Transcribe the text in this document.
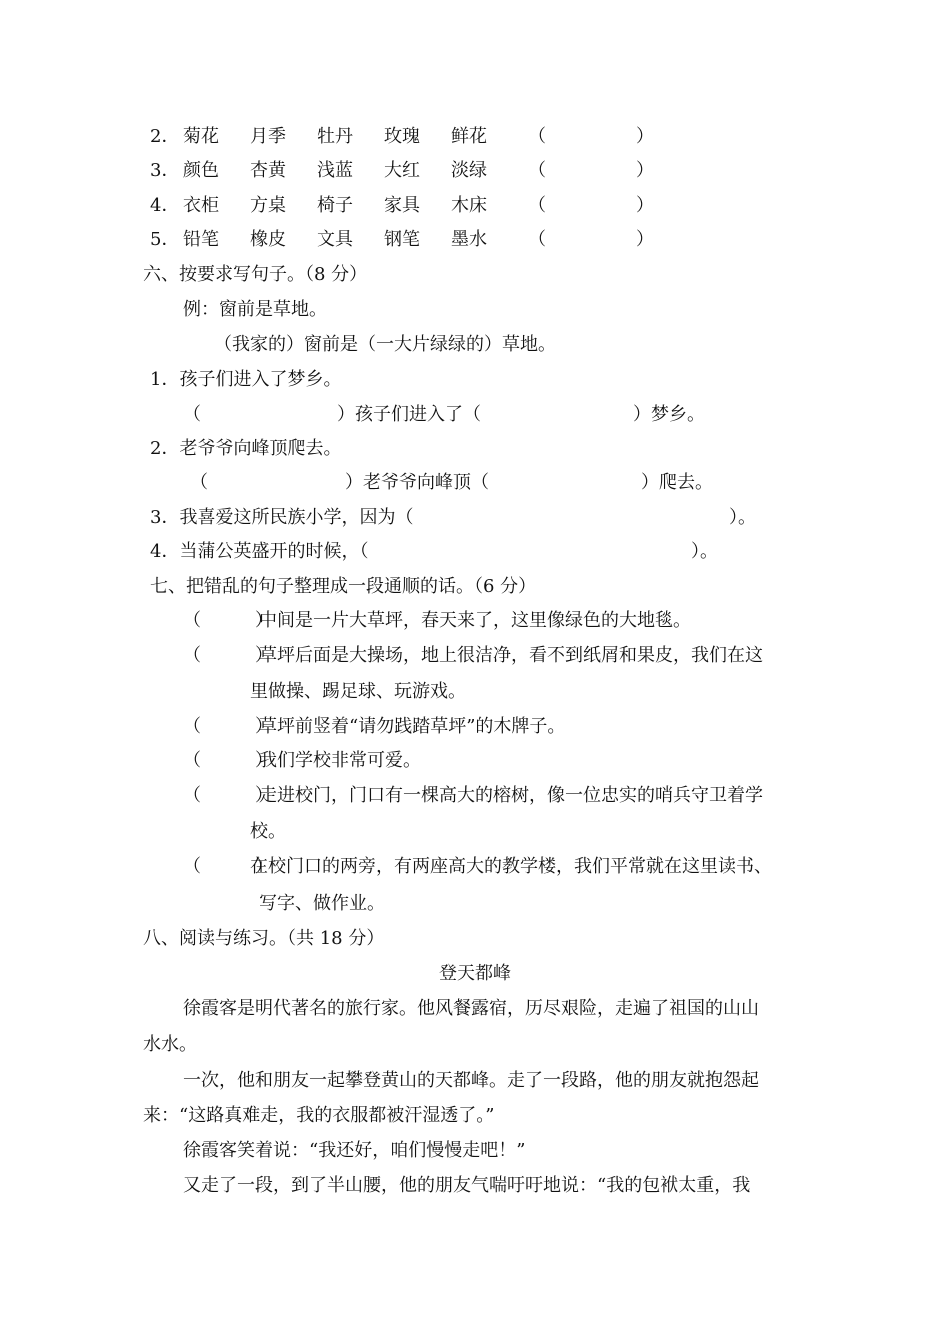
2． 菊花 月季 牡丹 玫瑰 鲜花 （　　　　　）
3． 颜色 杏黄 浅蓝 大红 淡绿 （　　　　　）
4． 衣柜 方桌 椅子 家具 木床 （　　　　　）
5． 铅笔 橡皮 文具 钢笔 墨水 （　　　　　）
六、按要求写句子。（8 分）
例：窗前是草地。
（我家的）窗前是（一大片绿绿的）草地。
1．孩子们进入了梦乡。
（	）孩子们进入了（	）梦乡。
2．老爷爷向峰顶爬去。
（	）老爷爷向峰顶（	）爬去。
3．我喜爱这所民族小学，因为（	）。
4．当蒲公英盛开的时候，（	）。
七、把错乱的句子整理成一段通顺的话。（6 分）
（　　　）
中间是一片大草坪，春天来了，这里像绿色的大地毯。
（　　　）
草坪后面是大操场，地上很洁净，看不到纸屑和果皮，我们在这
里做操、踢足球、玩游戏。
（　　　）
草坪前竖着“请勿践踏草坪”的木牌子。
（　　　）
我们学校非常可爱。
（　　　）
走进校门，门口有一棵高大的榕树，像一位忠实的哨兵守卫着学
校。
（　　　）
在校门口的两旁，有两座高大的教学楼，我们平常就在这里读书、
写字、做作业。
八、阅读与练习。（共 18 分）
登天都峰
徐霞客是明代著名的旅行家。他风餐露宿，历尽艰险，走遍了祖国的山山
水水。
一次，他和朋友一起攀登黄山的天都峰。走了一段路，他的朋友就抱怨起
来：“这路真难走，我的衣服都被汗湿透了。”
徐霞客笑着说：“我还好，咱们慢慢走吧！”
又走了一段，到了半山腰，他的朋友气喘吁吁地说：“我的包袱太重，我
